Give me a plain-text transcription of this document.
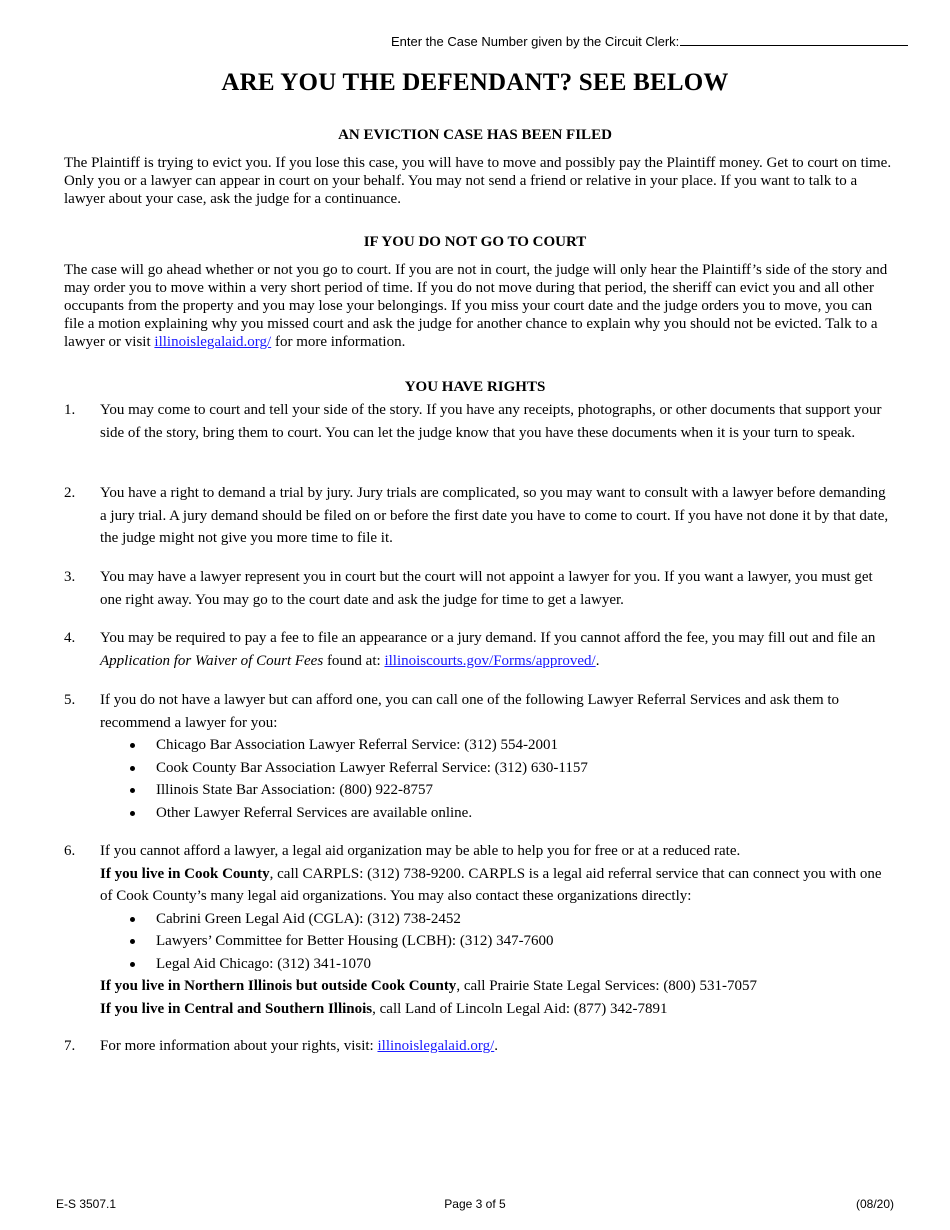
Enter the Case Number given by the Circuit Clerk:
ARE YOU THE DEFENDANT? SEE BELOW
AN EVICTION CASE HAS BEEN FILED

The Plaintiff is trying to evict you. If you lose this case, you will have to move and possibly pay the Plaintiff money. Get to court on time. Only you or a lawyer can appear in court on your behalf. You may not send a friend or relative in your place. If you want to talk to a lawyer about your case, ask the judge for a continuance.

IF YOU DO NOT GO TO COURT

The case will go ahead whether or not you go to court. If you are not in court, the judge will only hear the Plaintiff’s side of the story and may order you to move within a very short period of time. If you do not move during that period, the sheriff can evict you and all other occupants from the property and you may lose your belongings. If you miss your court date and the judge orders you to move, you can file a motion explaining why you missed court and ask the judge for another chance to explain why you should not be evicted. Talk to a lawyer or visit illinoislegalaid.org/ for more information.

YOU HAVE RIGHTS
1. You may come to court and tell your side of the story. If you have any receipts, photographs, or other documents that support your side of the story, bring them to court. You can let the judge know that you have these documents when it is your turn to speak.
2. You have a right to demand a trial by jury. Jury trials are complicated, so you may want to consult with a lawyer before demanding a jury trial. A jury demand should be filed on or before the first date you have to come to court. If you have not done it by that date, the judge might not give you more time to file it.
3. You may have a lawyer represent you in court but the court will not appoint a lawyer for you. If you want a lawyer, you must get one right away. You may go to the court date and ask the judge for time to get a lawyer.
4. You may be required to pay a fee to file an appearance or a jury demand. If you cannot afford the fee, you may fill out and file an Application for Waiver of Court Fees found at: illinoiscourts.gov/Forms/approved/.
5. If you do not have a lawyer but can afford one, you can call one of the following Lawyer Referral Services and ask them to recommend a lawyer for you:
Chicago Bar Association Lawyer Referral Service: (312) 554-2001
Cook County Bar Association Lawyer Referral Service: (312) 630-1157
Illinois State Bar Association: (800) 922-8757
Other Lawyer Referral Services are available online.
6. If you cannot afford a lawyer, a legal aid organization may be able to help you for free or at a reduced rate.
If you live in Cook County, call CARPLS: (312) 738-9200. CARPLS is a legal aid referral service that can connect you with one of Cook County’s many legal aid organizations. You may also contact these organizations directly:
Cabrini Green Legal Aid (CGLA): (312) 738-2452
Lawyers’ Committee for Better Housing (LCBH): (312) 347-7600
Legal Aid Chicago: (312) 341-1070
If you live in Northern Illinois but outside Cook County, call Prairie State Legal Services: (800) 531-7057
If you live in Central and Southern Illinois, call Land of Lincoln Legal Aid: (877) 342-7891
7. For more information about your rights, visit: illinoislegalaid.org/.
E-S 3507.1	Page 3 of 5	(08/20)
